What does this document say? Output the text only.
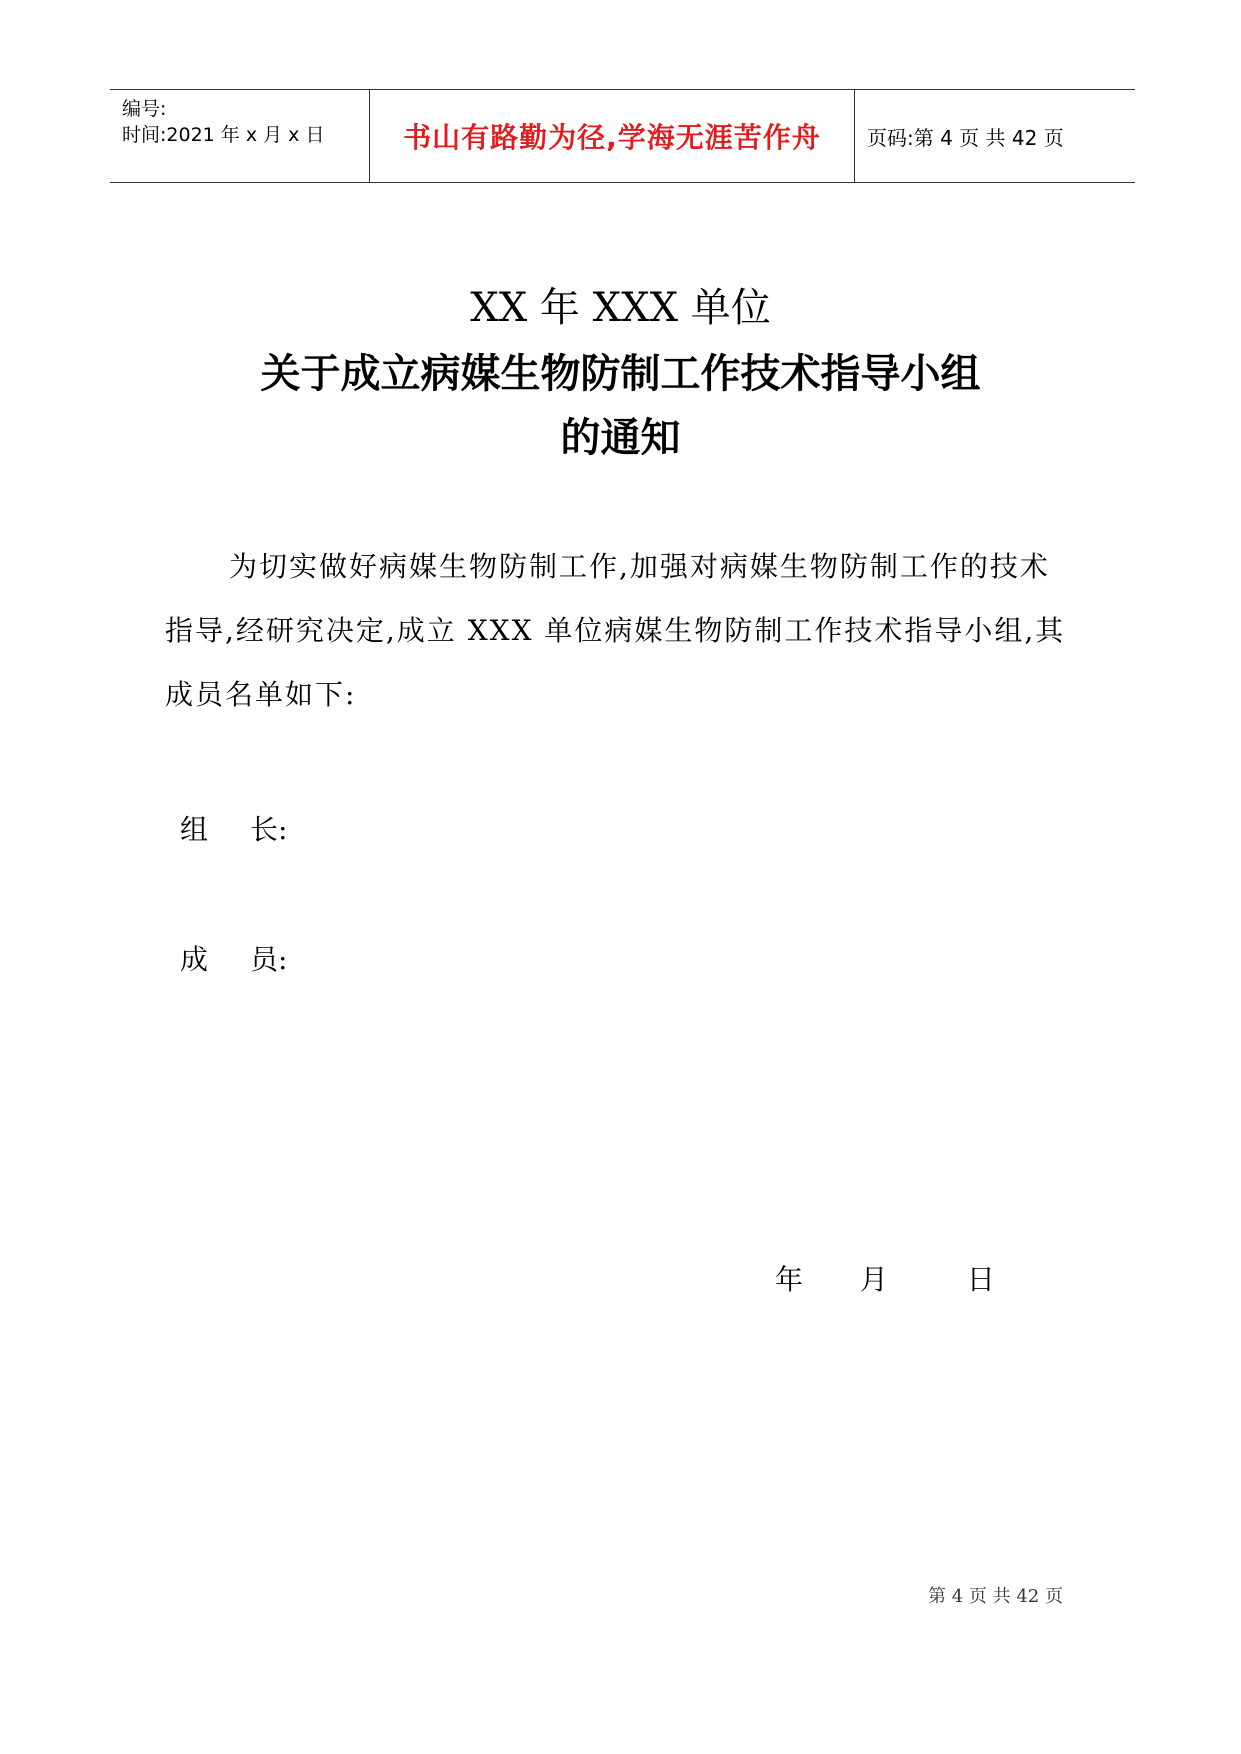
编号:
时间:2021 年 x 月 x 日	书山有路勤为径,学海无涯苦作舟 页码:第 4 页 共 42 页
XX 年 XXX 单位
关于成立病媒生物防制工作技术指导小组
的通知
为切实做好病媒生物防制工作,加强对病媒生物防制工作的技术指导,经研究决定,成立 XXX 单位病媒生物防制工作技术指导小组,其成员名单如下:
组 长:
成 员:
年 月	日
第 4 页 共 42 页
